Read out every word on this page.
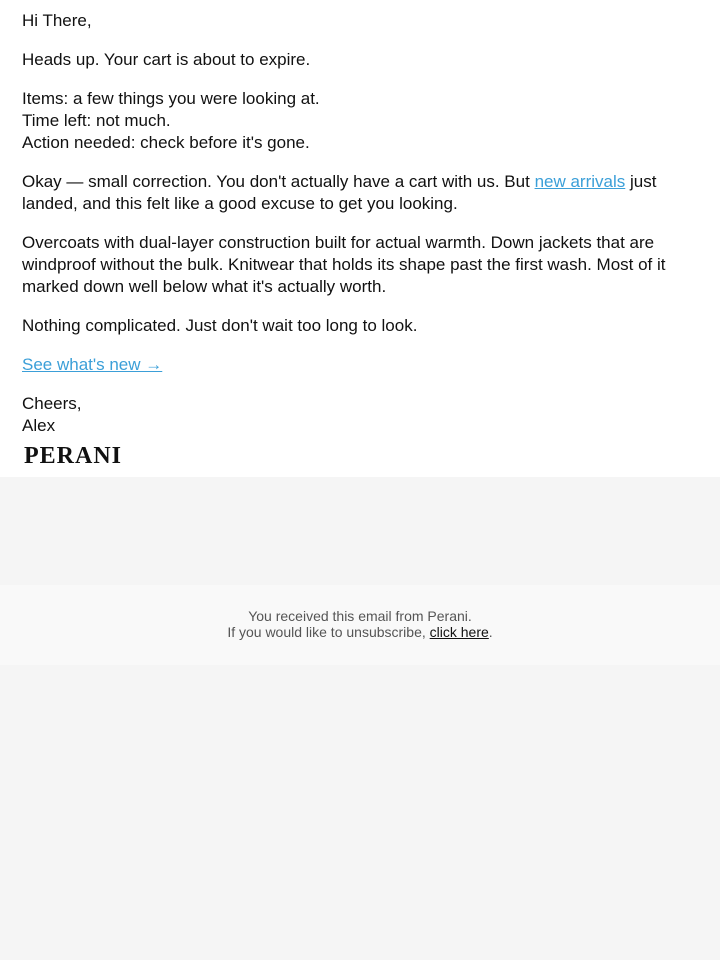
Hi There,

Heads up. Your cart is about to expire.

Items: a few things you were looking at.
Time left: not much.
Action needed: check before it's gone.

Okay — small correction. You don't actually have a cart with us. But new arrivals just landed, and this felt like a good excuse to get you looking.

Overcoats with dual-layer construction built for actual warmth. Down jackets that are windproof without the bulk. Knitwear that holds its shape past the first wash. Most of it marked down well below what it's actually worth.

Nothing complicated. Just don't wait too long to look.

See what's new →

Cheers,
Alex

PERANI
You received this email from Perani.
If you would like to unsubscribe, click here.
